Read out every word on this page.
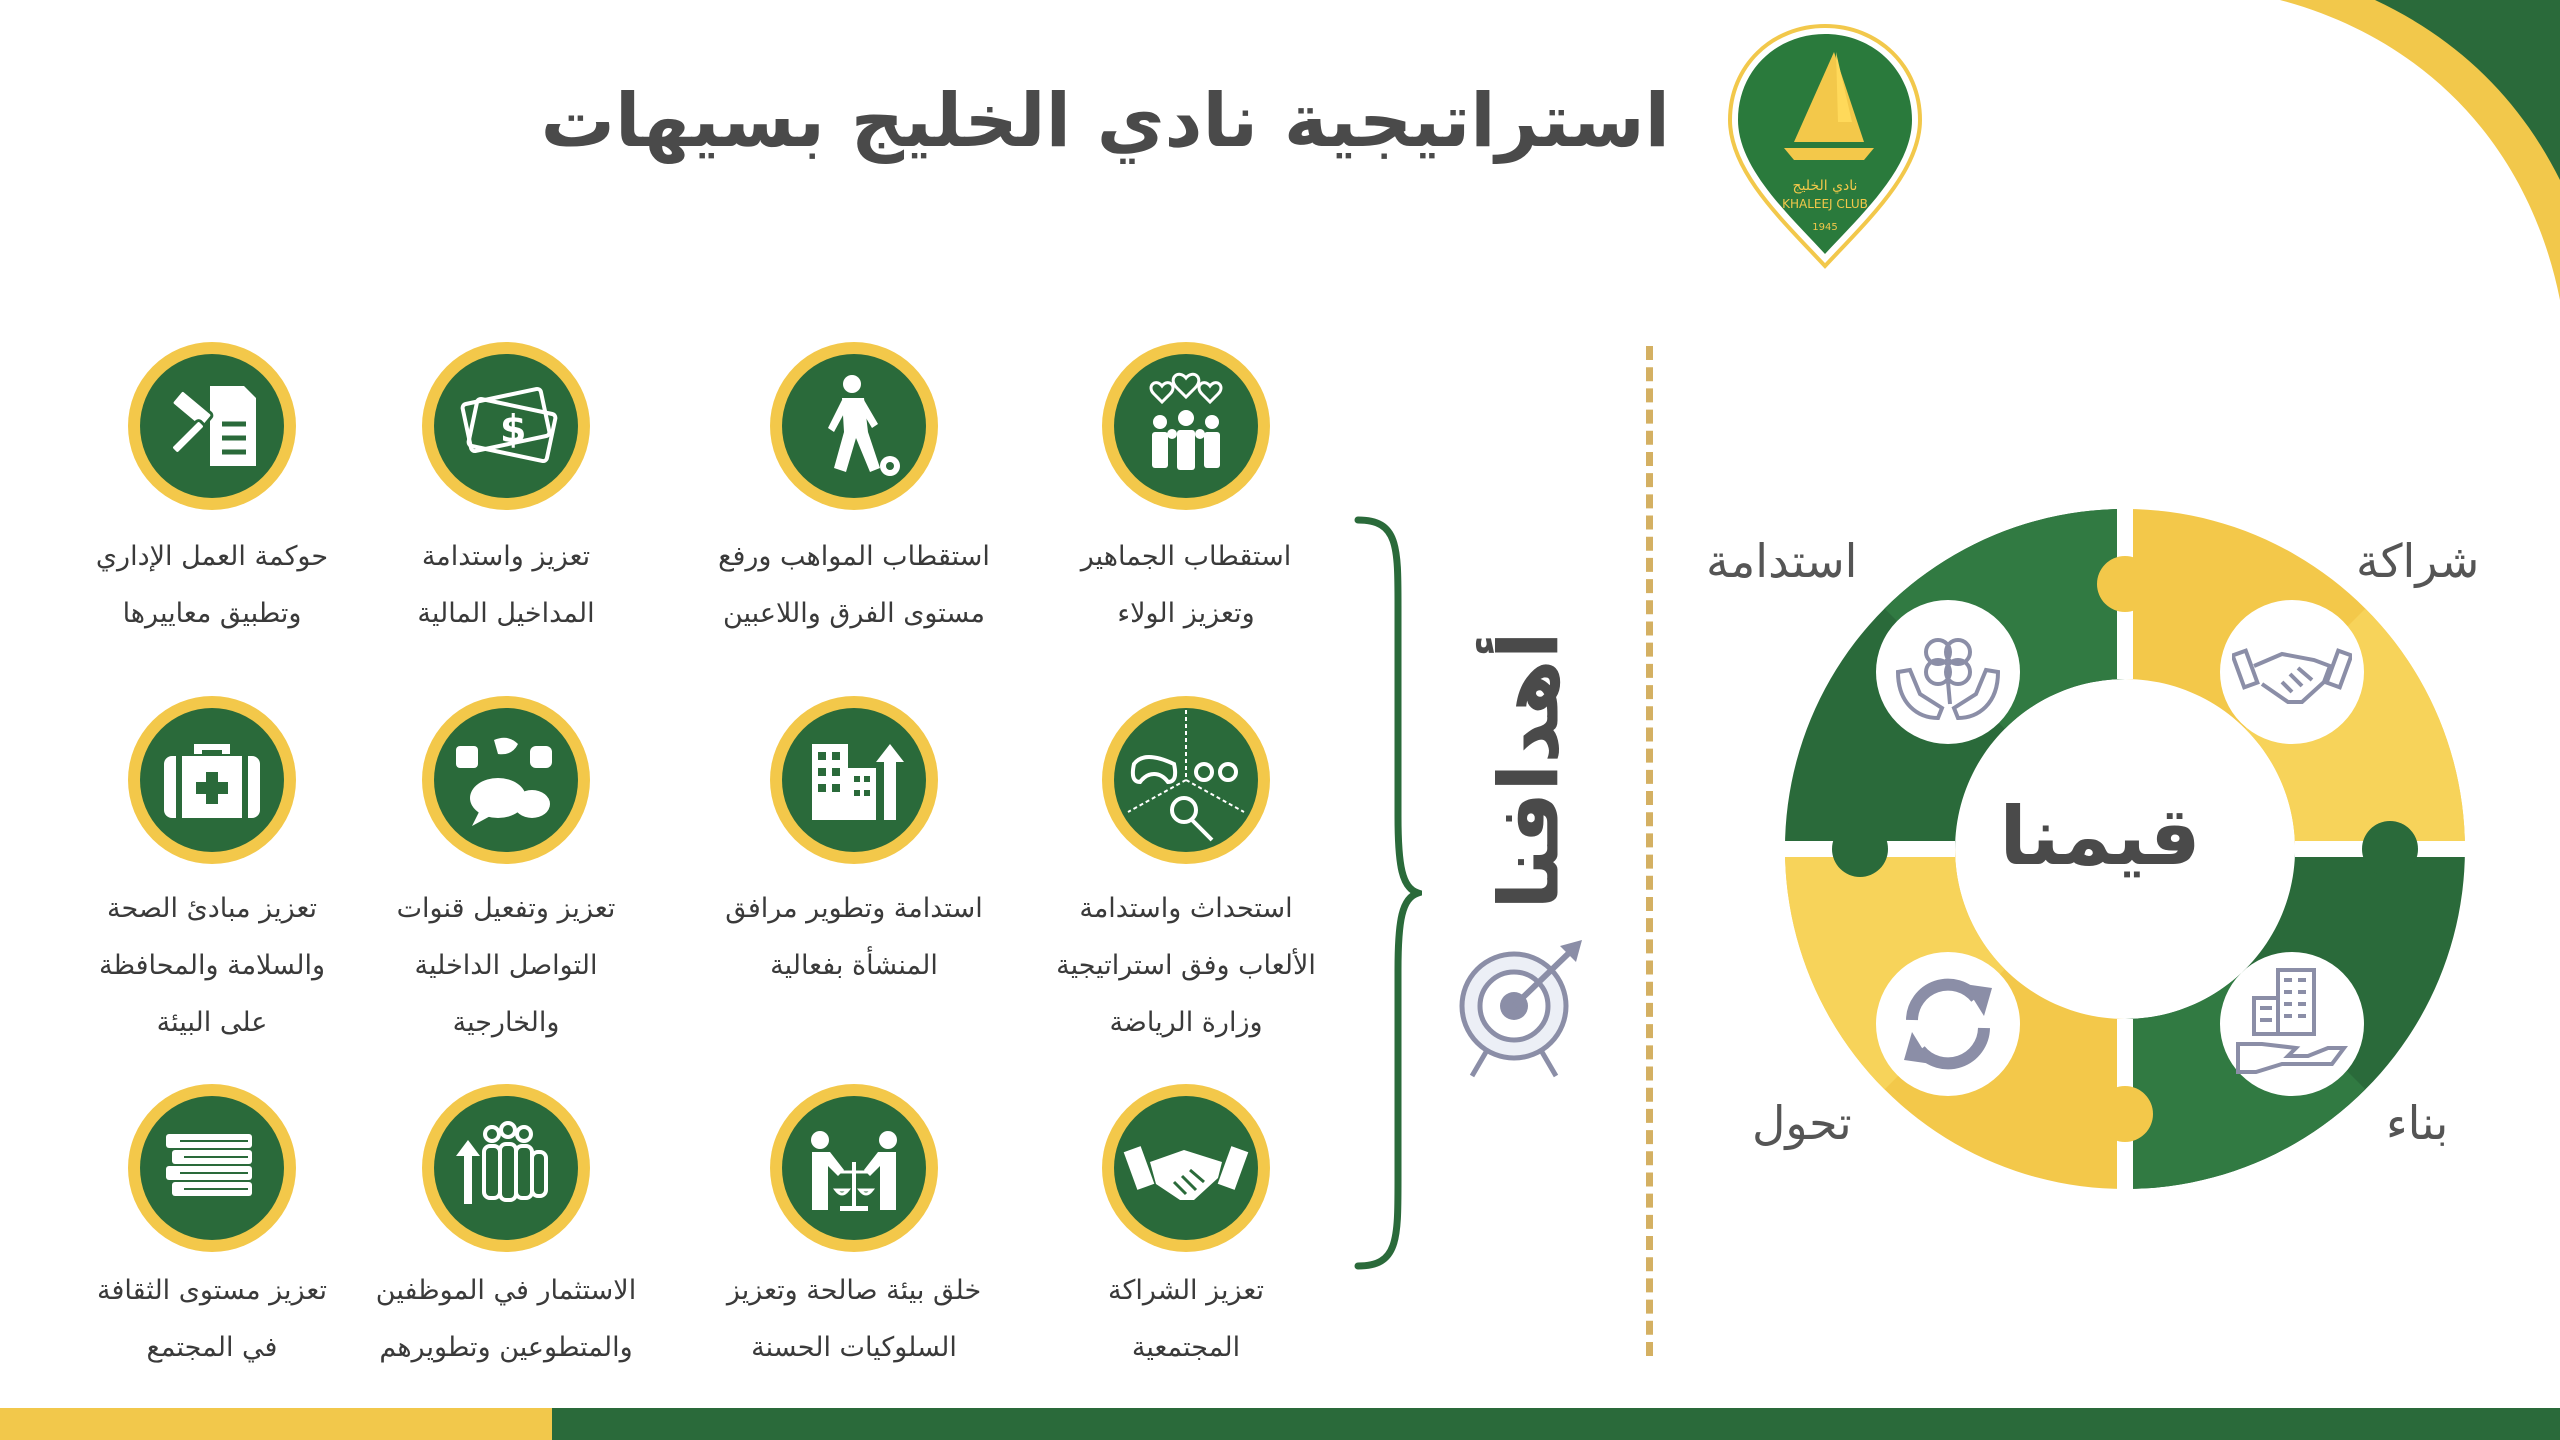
نادي الخليج
KHALEEJ CLUB
1945
استراتيجية نادي الخليج بسيهات
$
استقطاب الجماهير
وتعزيز الولاء
استقطاب المواهب ورفع
مستوى الفرق واللاعبين
تعزيز واستدامة
المداخيل المالية
حوكمة العمل الإداري
وتطبيق معاييرها
استحداث واستدامة
الألعاب وفق استراتيجية
وزارة الرياضة
استدامة وتطوير مرافق
المنشأة بفعالية
تعزيز وتفعيل قنوات
التواصل الداخلية
والخارجية
تعزيز مبادئ الصحة
والسلامة والمحافظة
على البيئة
تعزيز الشراكة
المجتمعية
خلق بيئة صالحة وتعزيز
السلوكيات الحسنة
الاستثمار في الموظفين
والمتطوعين وتطويرهم
تعزيز مستوى الثقافة
في المجتمع
أهدافنا	قيمنا
شراكة
استدامة
بناء
تحول
